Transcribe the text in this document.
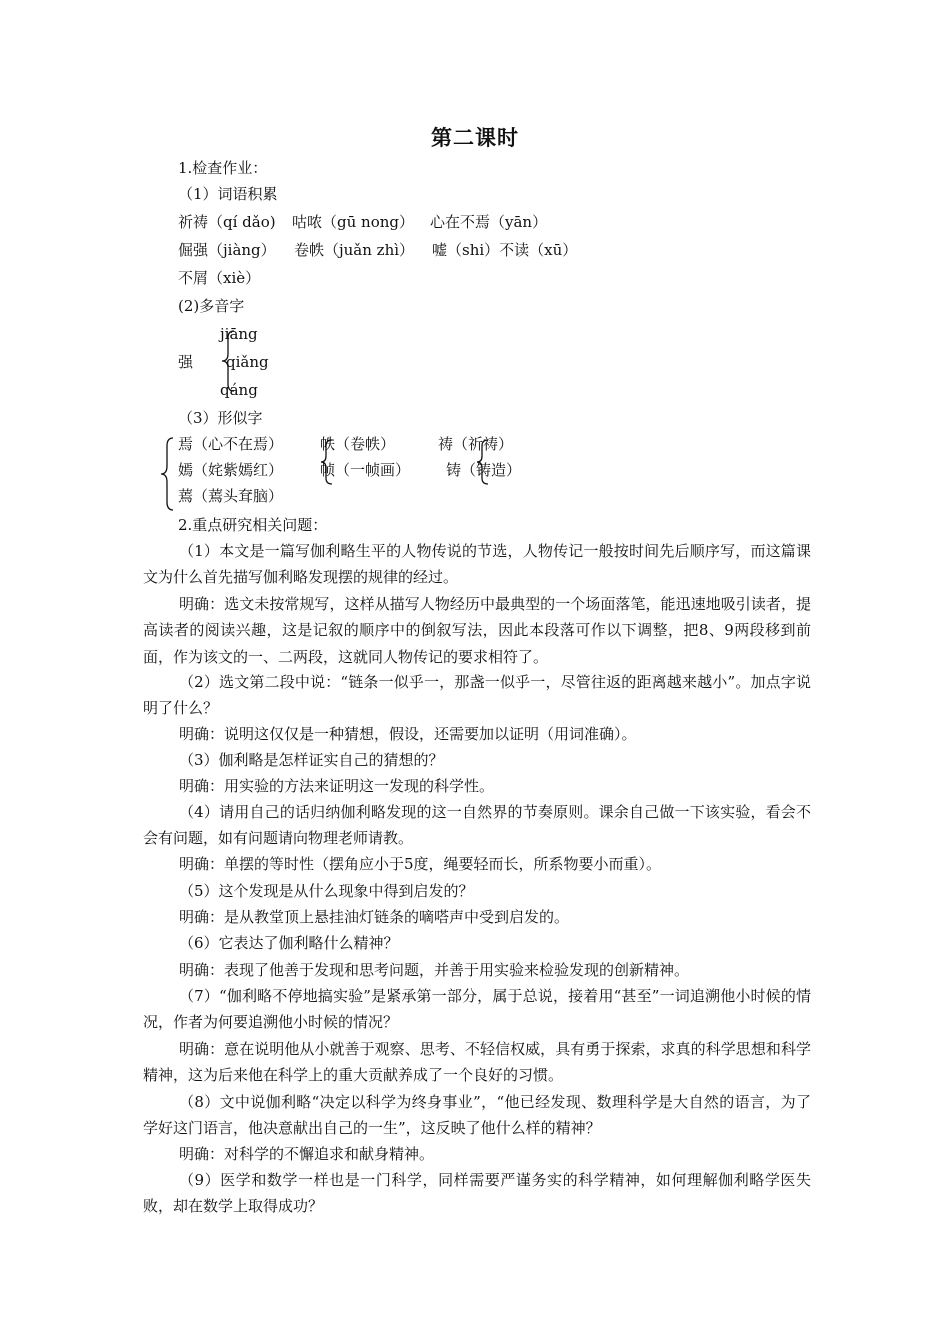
第二课时
1.检查作业：
（1）词语积累
祈祷（qí dǎo) 咕哝（gū nong） 心在不焉（yān）
倔强（jiàng） 卷帙（juǎn zhì） 嘘（shi）不读（xū）
不屑（xiè）
(2)多音字
jiāng
强 qiǎng
qáng
（3）形似字
焉（心不在焉）
嫣（姹紫嫣红）
蔫（蔫头耷脑）
帙（卷帙）
帧（一帧画）
祷（祈祷）
铸（铸造）
2.重点研究相关问题：
（1）本文是一篇写伽利略生平的人物传说的节选，人物传记一般按时间先后顺序写，而这篇课文为什么首先描写伽利略发现摆的规律的经过。
明确：选文未按常规写，这样从描写人物经历中最典型的一个场面落笔，能迅速地吸引读者，提高读者的阅读兴趣，这是记叙的顺序中的倒叙写法，因此本段落可作以下调整，把8、9两段移到前面，作为该文的一、二两段，这就同人物传记的要求相符了。
（2）选文第二段中说：“链条一似乎一，那盏一似乎一，尽管往返的距离越来越小”。加点字说明了什么？
明确：说明这仅仅是一种猜想，假设，还需要加以证明（用词准确）。
（3）伽利略是怎样证实自己的猜想的？
明确：用实验的方法来证明这一发现的科学性。
（4）请用自己的话归纳伽利略发现的这一自然界的节奏原则。课余自己做一下该实验，看会不会有问题，如有问题请向物理老师请教。
明确：单摆的等时性（摆角应小于5度，绳要轻而长，所系物要小而重）。
（5）这个发现是从什么现象中得到启发的？
明确：是从教堂顶上悬挂油灯链条的嘀嗒声中受到启发的。
（6）它表达了伽利略什么精神？
明确：表现了他善于发现和思考问题，并善于用实验来检验发现的创新精神。
（7）“伽利略不停地搞实验”是紧承第一部分，属于总说，接着用“甚至”一词追溯他小时候的情况，作者为何要追溯他小时候的情况？
明确：意在说明他从小就善于观察、思考、不轻信权威，具有勇于探索，求真的科学思想和科学精神，这为后来他在科学上的重大贡献养成了一个良好的习惯。
（8）文中说伽利略“决定以科学为终身事业”，“他已经发现、数理科学是大自然的语言，为了学好这门语言，他决意献出自己的一生”，这反映了他什么样的精神？
明确：对科学的不懈追求和献身精神。
（9）医学和数学一样也是一门科学，同样需要严谨务实的科学精神，如何理解伽利略学医失败，却在数学上取得成功？
